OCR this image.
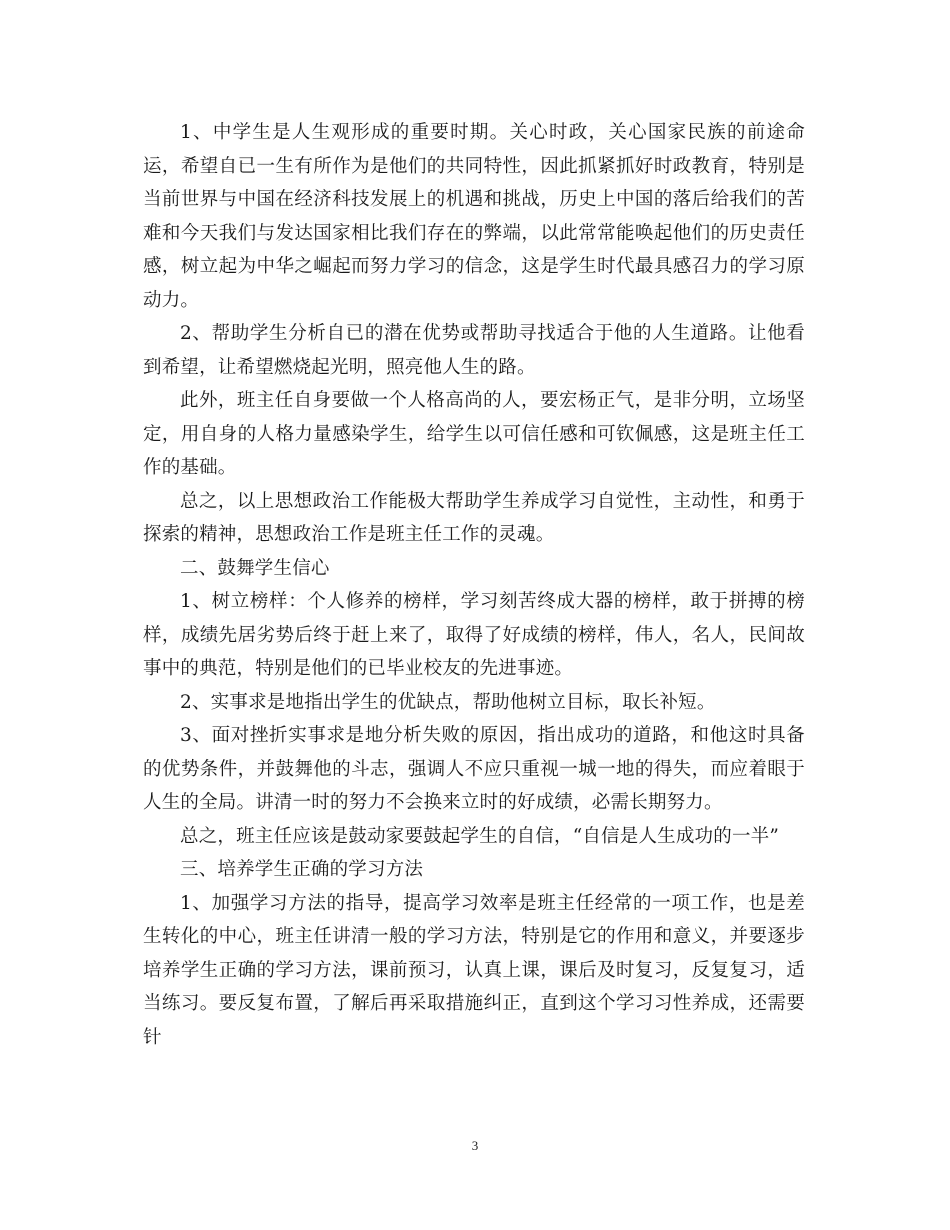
1、中学生是人生观形成的重要时期。关心时政，关心国家民族的前途命运，希望自已一生有所作为是他们的共同特性，因此抓紧抓好时政教育，特别是当前世界与中国在经济科技发展上的机遇和挑战，历史上中国的落后给我们的苦难和今天我们与发达国家相比我们存在的弊端，以此常常能唤起他们的历史责任感，树立起为中华之崛起而努力学习的信念，这是学生时代最具感召力的学习原动力。

2、帮助学生分析自已的潜在优势或帮助寻找适合于他的人生道路。让他看到希望，让希望燃烧起光明，照亮他人生的路。

此外，班主任自身要做一个人格高尚的人，要宏杨正气，是非分明，立场坚定，用自身的人格力量感染学生，给学生以可信任感和可钦佩感，这是班主任工作的基础。

总之，以上思想政治工作能极大帮助学生养成学习自觉性，主动性，和勇于探索的精神，思想政治工作是班主任工作的灵魂。

二、鼓舞学生信心

1、树立榜样：个人修养的榜样，学习刻苦终成大器的榜样，敢于拼搏的榜样，成绩先居劣势后终于赶上来了，取得了好成绩的榜样，伟人，名人，民间故事中的典范，特别是他们的已毕业校友的先进事迹。

2、实事求是地指出学生的优缺点，帮助他树立目标，取长补短。

3、面对挫折实事求是地分析失败的原因，指出成功的道路，和他这时具备的优势条件，并鼓舞他的斗志，强调人不应只重视一城一地的得失，而应着眼于人生的全局。讲清一时的努力不会换来立时的好成绩，必需长期努力。

总之，班主任应该是鼓动家要鼓起学生的自信，“自信是人生成功的一半”

三、培养学生正确的学习方法

1、加强学习方法的指导，提高学习效率是班主任经常的一项工作，也是差生转化的中心，班主任讲清一般的学习方法，特别是它的作用和意义，并要逐步培养学生正确的学习方法，课前预习，认真上课，课后及时复习，反复复习，适当练习。要反复布置，了解后再采取措施纠正，直到这个学习习性养成，还需要针

3
